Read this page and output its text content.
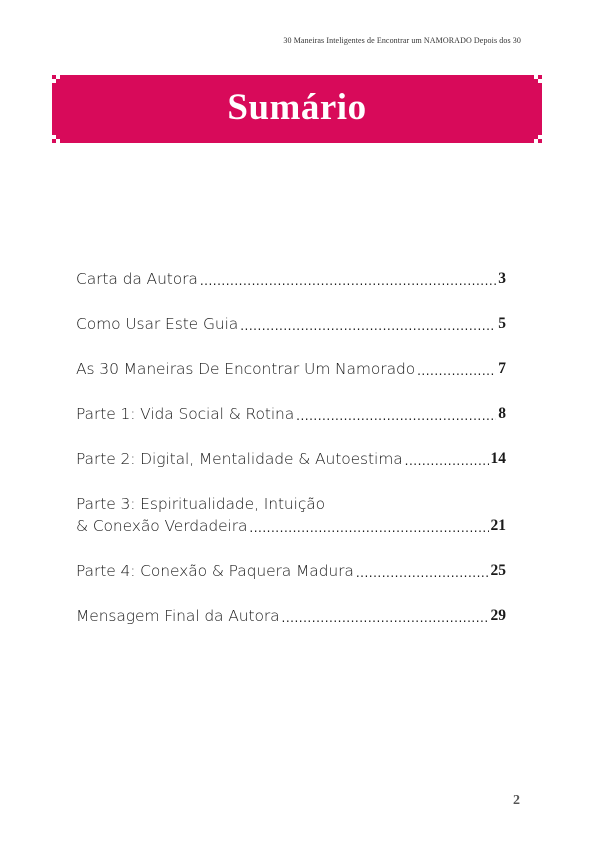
30 Maneiras Inteligentes de Encontrar um NAMORADO Depois dos 30
Sumário
Carta da Autora .....	3
Como Usar Este Guia .....	5
As 30 Maneiras De Encontrar Um Namorado .....	7
Parte 1: Vida Social & Rotina .....	8
Parte 2: Digital, Mentalidade & Autoestima .....	14
Parte 3: Espiritualidade, Intuição
& Conexão Verdadeira .....	21
Parte 4: Conexão & Paquera Madura .....	25
Mensagem Final da Autora .....	29
2
